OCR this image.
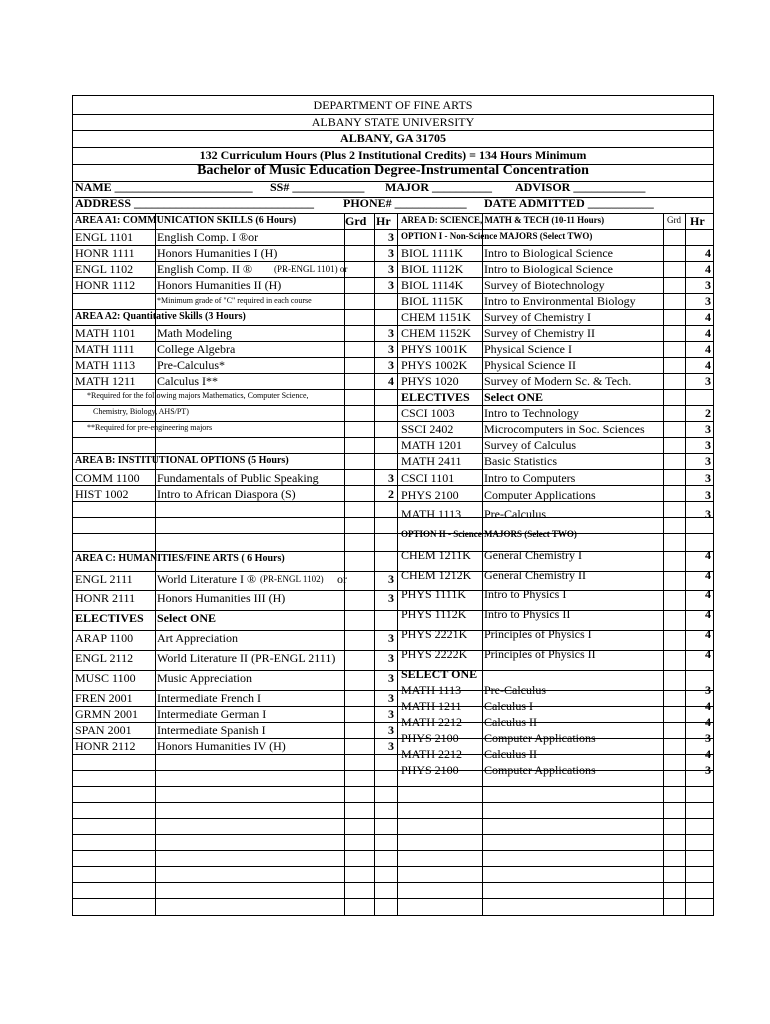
DEPARTMENT OF FINE ARTS
ALBANY STATE UNIVERSITY
ALBANY, GA 31705
132 Curriculum Hours (Plus 2 Institutional Credits) = 134 Hours Minimum
Bachelor of Music Education Degree-Instrumental Concentration
NAME _______________________ SS# ____________ MAJOR __________ ADVISOR ____________
ADDRESS ______________________________ PHONE# ____________ DATE ADMITTED ___________
AREA A1: COMMUNICATION SKILLS (6 Hours)	Grd Hr
ENGL 1101 English Comp. I ®or	3
HONR 1111 Honors Humanities I (H)	3
ENGL 1102 English Comp. II ® (PR-ENGL 1101) or	3
HONR 1112 Honors Humanities II (H)	3
*Minimum grade of "C" required in each course
AREA A2: Quantitative Skills (3 Hours)
MATH 1101 Math Modeling	3
MATH 1111 College Algebra	3
MATH 1113 Pre-Calculus*	3
MATH 1211 Calculus I**	4
*Required for the following majors Mathematics, Computer Science,
Chemistry, Biology, AHS/PT)
**Required for pre-engineering majors
AREA B: INSTITUTIONAL OPTIONS (5 Hours)
COMM 1100 Fundamentals of Public Speaking	3
HIST 1002 Intro to African Diaspora (S)	2
AREA C: HUMANITIES/FINE ARTS ( 6 Hours)
ENGL 2111 World Literature I ® (PR-ENGL 1102) or	3
HONR 2111 Honors Humanities III (H)	3
ELECTIVES Select ONE
ARAP 1100 Art Appreciation	3
ENGL 2112 World Literature II (PR-ENGL 2111)	3
MUSC 1100 Music Appreciation	3
FREN 2001 Intermediate French I	3
GRMN 2001 Intermediate German I	3
SPAN 2001 Intermediate Spanish I	3
HONR 2112 Honors Humanities IV (H)	3
AREA D: SCIENCE, MATH & TECH (10-11 Hours)	Grd Hr
OPTION I - Non-Science MAJORS (Select TWO)
BIOL 1111K Intro to Biological Science	4
BIOL 1112K Intro to Biological Science	4
BIOL 1114K Survey of Biotechnology	3
BIOL 1115K Intro to Environmental Biology	3
CHEM 1151K Survey of Chemistry I	4
CHEM 1152K Survey of Chemistry II	4
PHYS 1001K Physical Science I	4
PHYS 1002K Physical Science II	4
PHYS 1020 Survey of Modern Sc. & Tech.	3
ELECTIVES Select ONE
CSCI 1003 Intro to Technology	2
SSCI 2402	Microcomputers in Soc. Sciences	3
MATH 1201 Survey of Calculus	3
MATH 2411 Basic Statistics	3
CSCI 1101 Intro to Computers	3
PHYS 2100 Computer Applications	3
MATH 1113 Pre-Calculus	3
OPTION II - Science MAJORS (Select TWO)
CHEM 1211K General Chemistry I	4
CHEM 1212K General Chemistry II	4
PHYS 1111K Intro to Physics I	4
PHYS 1112K Intro to Physics II	4
PHYS 2221K Principles of Physics I	4
PHYS 2222K Principles of Physics II	4
SELECT ONE
MATH 1113 Pre-Calculus	3
MATH 1211 Calculus I	4
MATH 2212 Calculus II	4
PHYS 2100 Computer Applications	3
MATH 2212 Calculus II	4
PHYS 2100 Computer Applications	3
